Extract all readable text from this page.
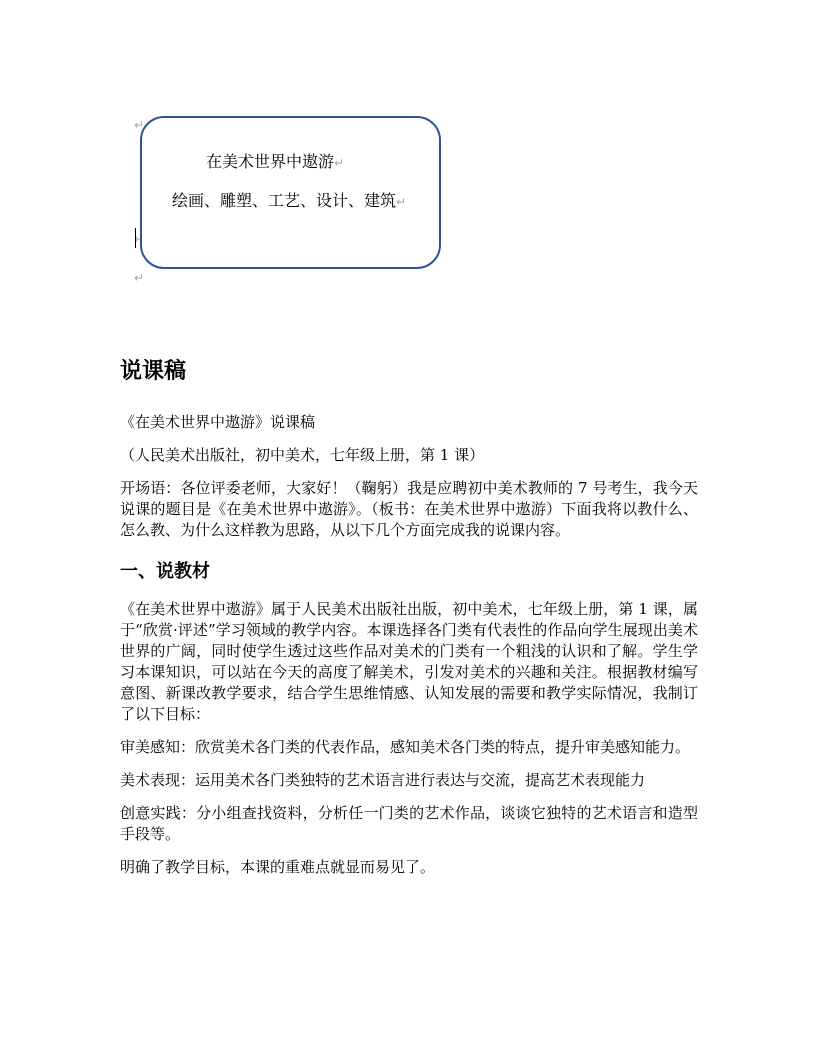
↵
↵
在美术世界中遨游↵
绘画、雕塑、工艺、设计、建筑↵
说课稿

《在美术世界中遨游》说课稿

（人民美术出版社，初中美术，七年级上册，第 1 课）

开场语：各位评委老师，大家好！（鞠躬）我是应聘初中美术教师的 7 号考生，我今天说课的题目是《在美术世界中遨游》。（板书：在美术世界中遨游）下面我将以教什么、怎么教、为什么这样教为思路，从以下几个方面完成我的说课内容。

一、说教材

《在美术世界中遨游》属于人民美术出版社出版，初中美术，七年级上册，第 1 课，属于“欣赏·评述”学习领域的教学内容。本课选择各门类有代表性的作品向学生展现出美术世界的广阔，同时使学生透过这些作品对美术的门类有一个粗浅的认识和了解。学生学习本课知识，可以站在今天的高度了解美术，引发对美术的兴趣和关注。根据教材编写意图、新课改教学要求，结合学生思维情感、认知发展的需要和教学实际情况，我制订了以下目标：

审美感知：欣赏美术各门类的代表作品，感知美术各门类的特点，提升审美感知能力。

美术表现：运用美术各门类独特的艺术语言进行表达与交流，提高艺术表现能力

创意实践：分小组查找资料，分析任一门类的艺术作品，谈谈它独特的艺术语言和造型手段等。

明确了教学目标，本课的重难点就显而易见了。
